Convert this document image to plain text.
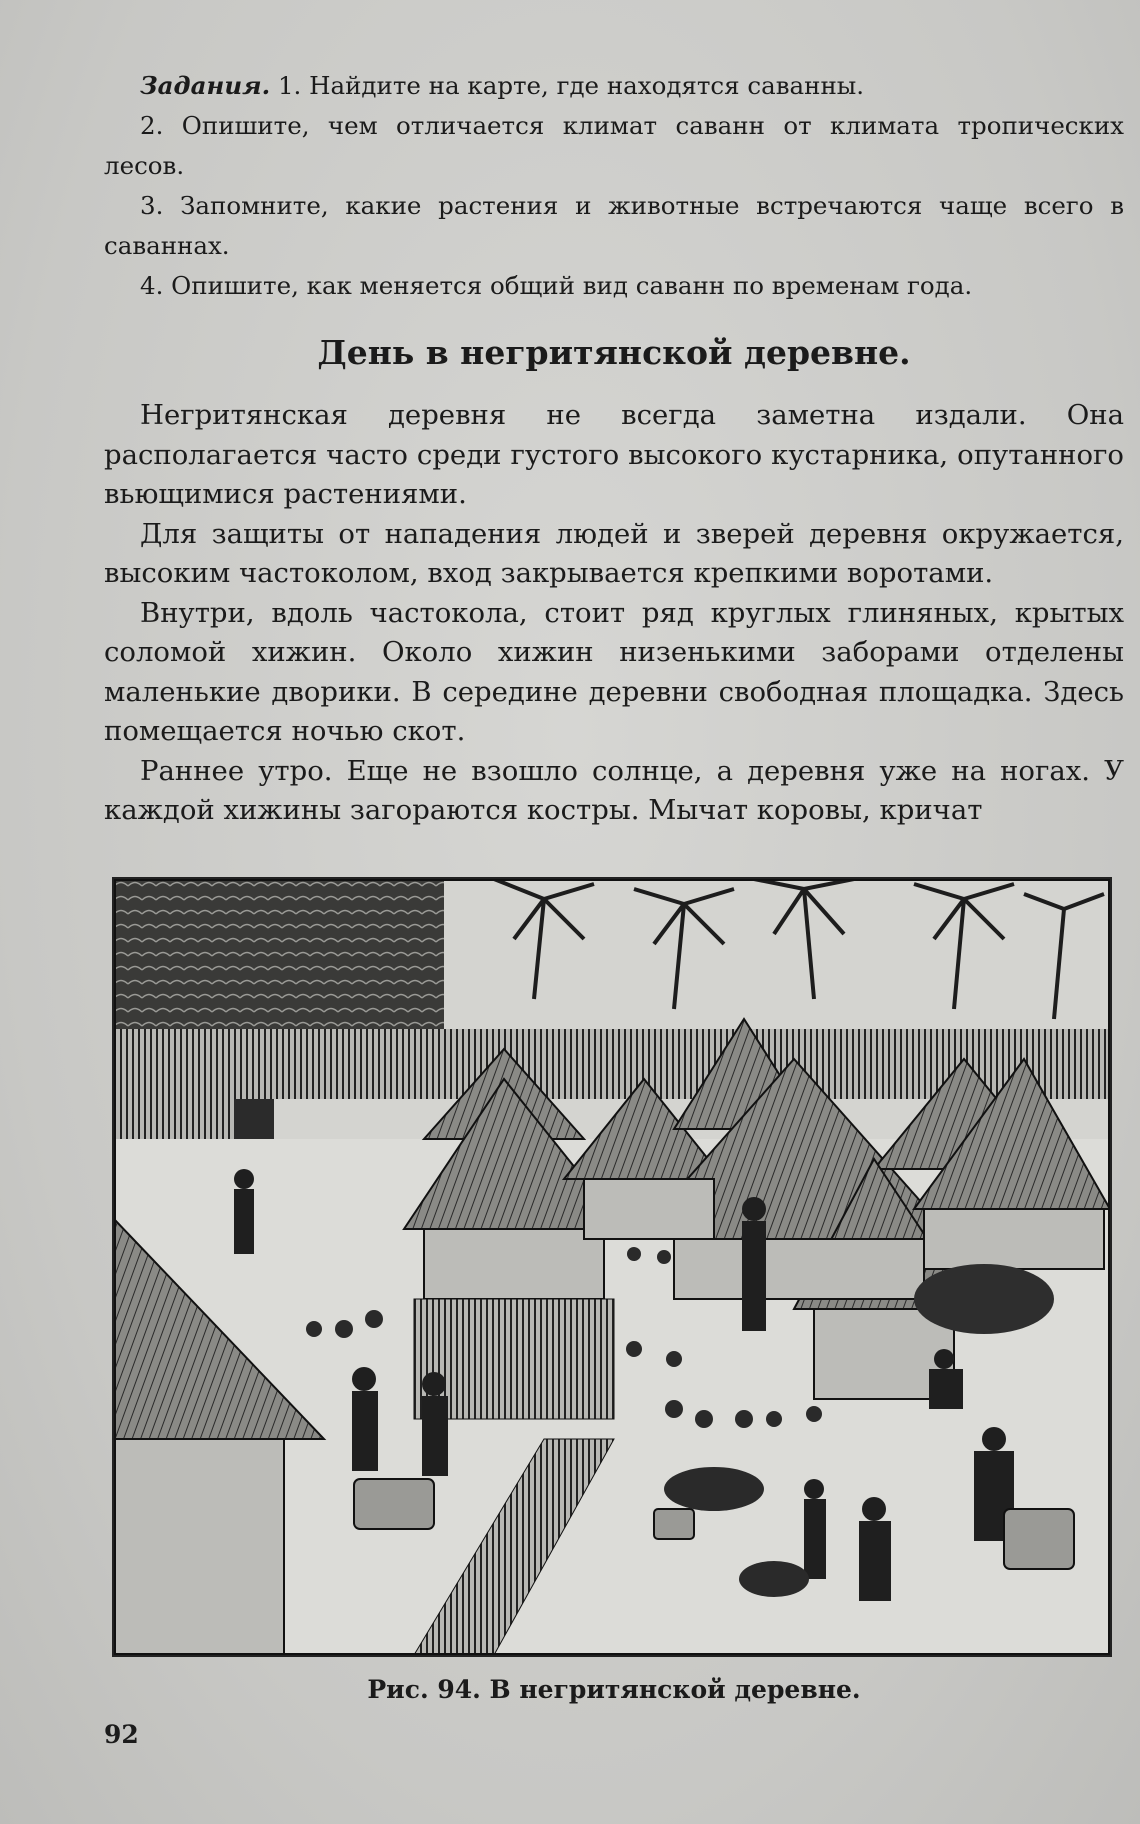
Задания. 1. Найдите на карте, где находятся саванны.

2. Опишите, чем отличается климат саванн от климата тропических лесов.

3. Запомните, какие растения и животные встречаются чаще всего в саваннах.

4. Опишите, как меняется общий вид саванн по временам года.

День в негритянской деревне.

Негритянская деревня не всегда заметна издали. Она располагается часто среди густого высокого кустарника, опутанного вьющимися растениями.

Для защиты от нападения людей и зверей деревня окружается, высоким частоколом, вход закрывается крепкими воротами.

Внутри, вдоль частокола, стоит ряд круглых глиняных, крытых соломой хижин. Около хижин низенькими заборами отделены маленькие дворики. В середине деревни свободная площадка. Здесь помещается ночью скот.

Раннее утро. Еще не взошло солнце, а деревня уже на ногах. У каждой хижины загораются костры. Мычат коровы, кричат

Рис. 94. В негритянской деревне.
92
